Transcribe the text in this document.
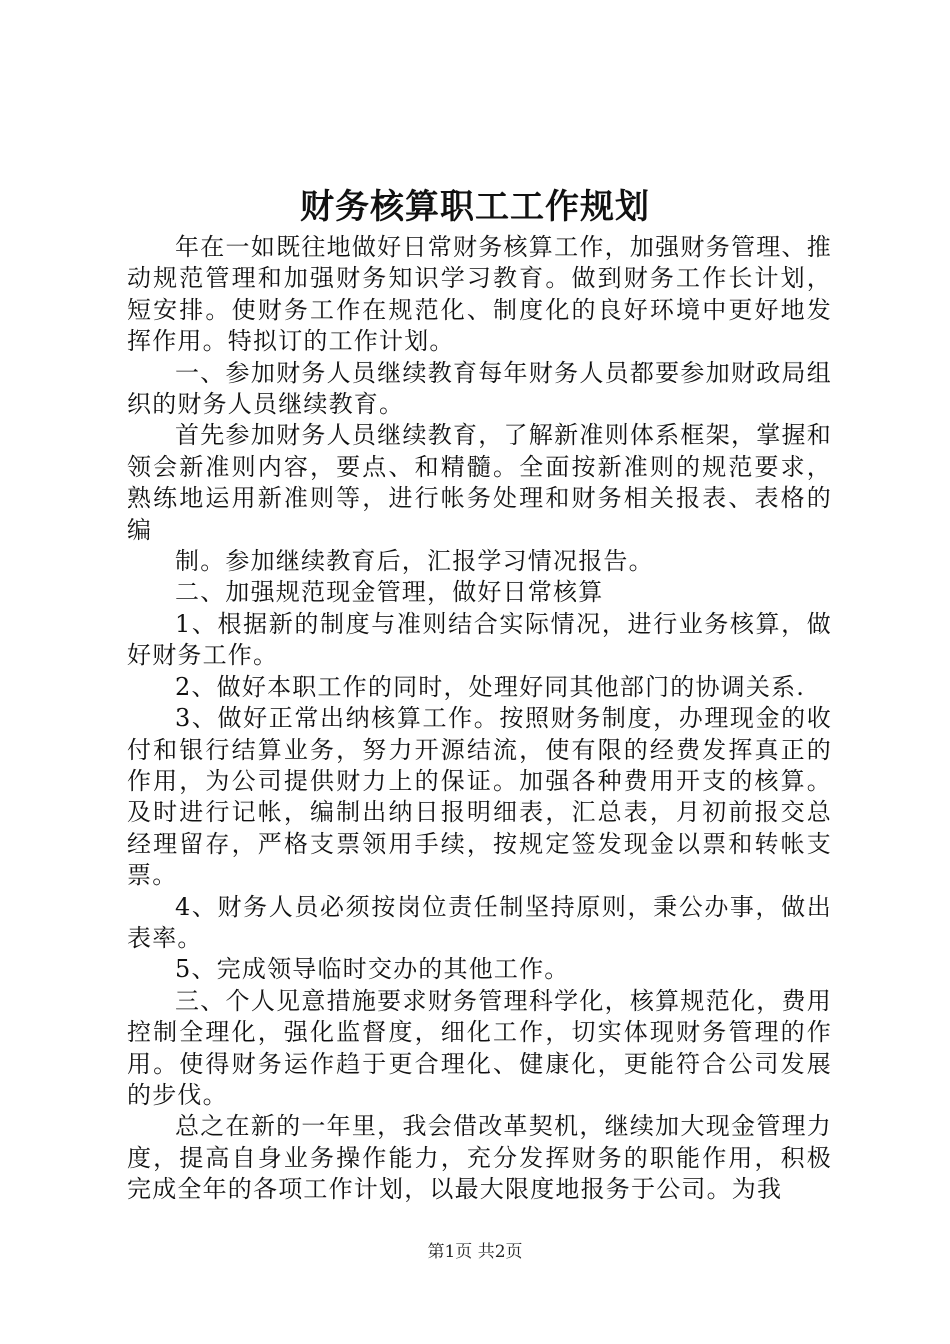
财务核算职工工作规划

年在一如既往地做好日常财务核算工作，加强财务管理、推动规范管理和加强财务知识学习教育。做到财务工作长计划，短安排。使财务工作在规范化、制度化的良好环境中更好地发挥作用。特拟订的工作计划。

一、参加财务人员继续教育每年财务人员都要参加财政局组织的财务人员继续教育。

首先参加财务人员继续教育，了解新准则体系框架，掌握和领会新准则内容，要点、和精髓。全面按新准则的规范要求，熟练地运用新准则等，进行帐务处理和财务相关报表、表格的编

制。参加继续教育后，汇报学习情况报告。

二、加强规范现金管理，做好日常核算

1、根据新的制度与准则结合实际情况，进行业务核算，做好财务工作。

2、做好本职工作的同时，处理好同其他部门的协调关系.

3、做好正常出纳核算工作。按照财务制度，办理现金的收付和银行结算业务，努力开源结流，使有限的经费发挥真正的作用，为公司提供财力上的保证。加强各种费用开支的核算。及时进行记帐，编制出纳日报明细表，汇总表，月初前报交总经理留存，严格支票领用手续，按规定签发现金以票和转帐支票。

4、财务人员必须按岗位责任制坚持原则，秉公办事，做出表率。

5、完成领导临时交办的其他工作。

三、个人见意措施要求财务管理科学化，核算规范化，费用控制全理化，强化监督度，细化工作，切实体现财务管理的作用。使得财务运作趋于更合理化、健康化，更能符合公司发展的步伐。

总之在新的一年里，我会借改革契机，继续加大现金管理力度，提高自身业务操作能力，充分发挥财务的职能作用，积极完成全年的各项工作计划，以最大限度地报务于公司。为我

第1页 共2页
